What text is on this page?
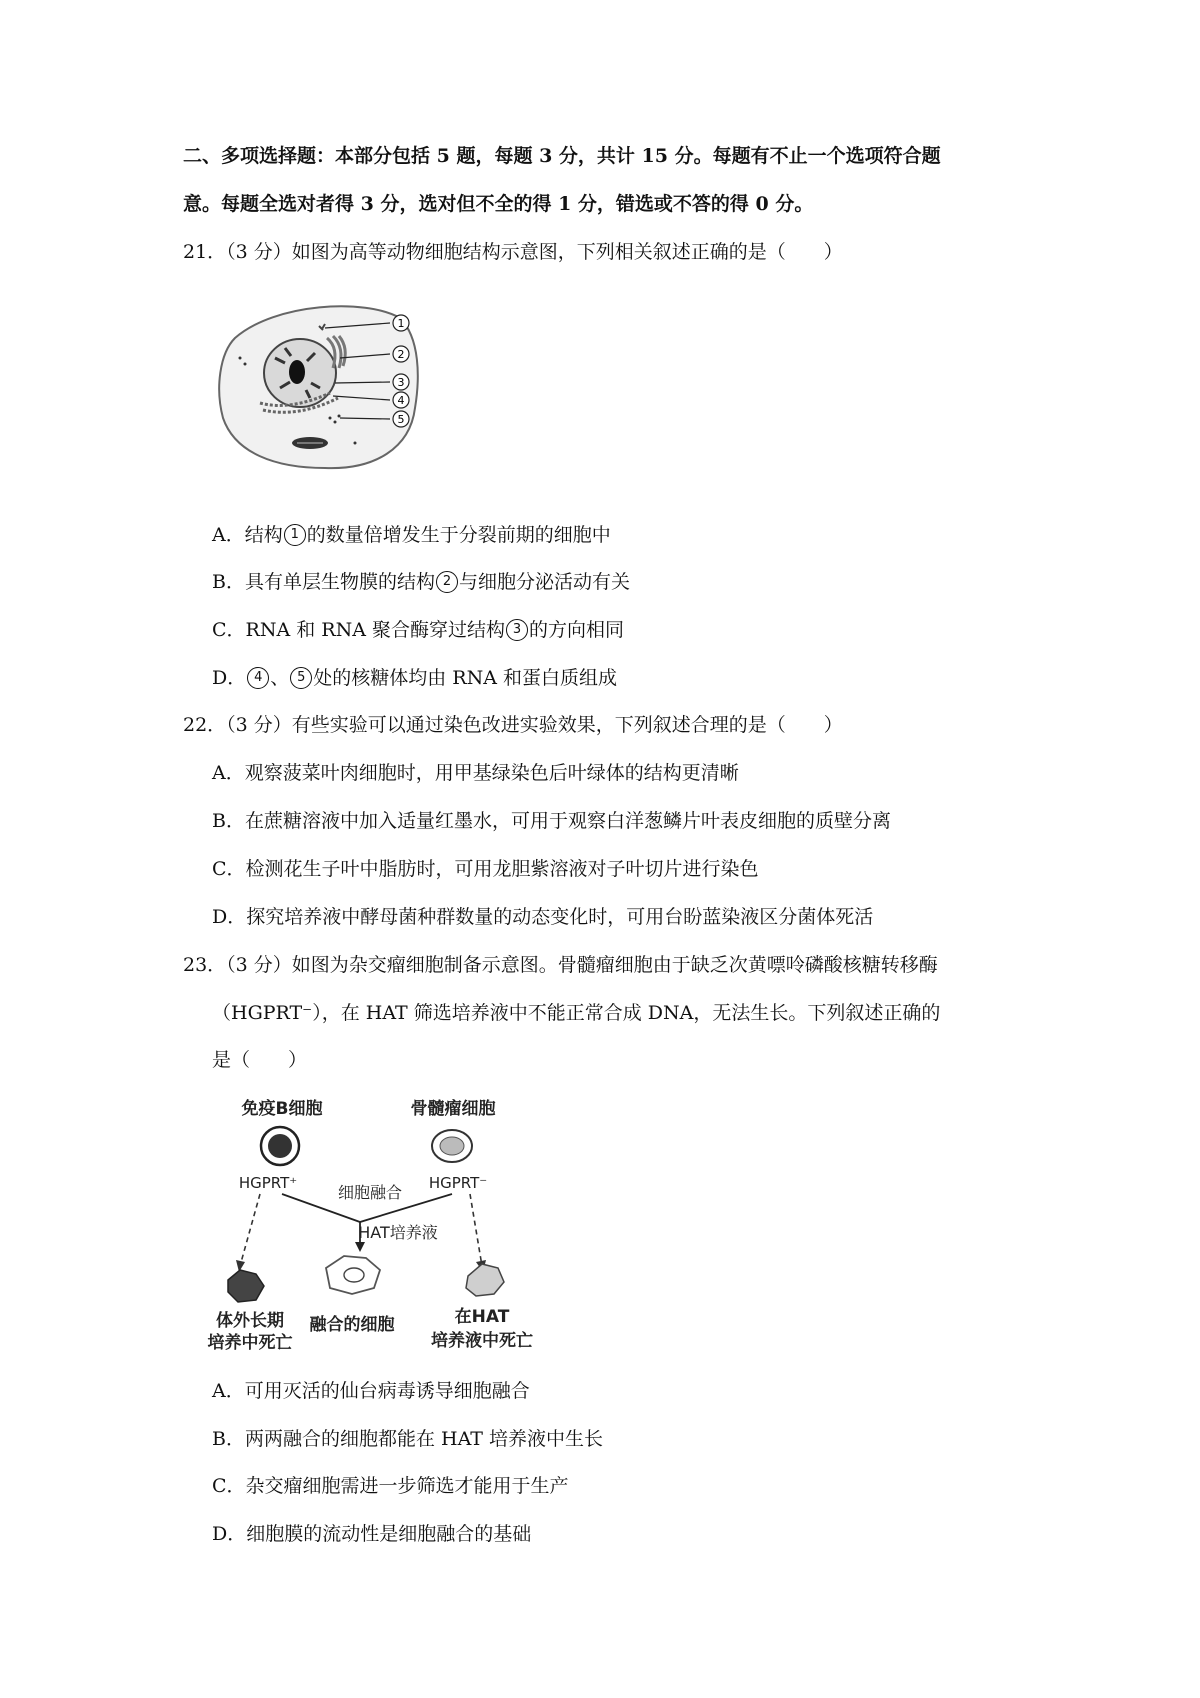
二、多项选择题：本部分包括 5 题，每题 3 分，共计 15 分。每题有不止一个选项符合题
意。每题全选对者得 3 分，选对但不全的得 1 分，错选或不答的得 0 分。
21．（3 分）如图为高等动物细胞结构示意图，下列相关叙述正确的是（　　）
1
2
3
4
5
A．结构 1 的数量倍增发生于分裂前期的细胞中
B．具有单层生物膜的结构 2 与细胞分泌活动有关
C．RNA 和 RNA 聚合酶穿过结构 3 的方向相同
D． 4 、 5 处的核糖体均由 RNA 和蛋白质组成
22．（3 分）有些实验可以通过染色改进实验效果，下列叙述合理的是（　　）
A．观察菠菜叶肉细胞时，用甲基绿染色后叶绿体的结构更清晰
B．在蔗糖溶液中加入适量红墨水，可用于观察白洋葱鳞片叶表皮细胞的质壁分离
C．检测花生子叶中脂肪时，可用龙胆紫溶液对子叶切片进行染色
D．探究培养液中酵母菌种群数量的动态变化时，可用台盼蓝染液区分菌体死活
23．（3 分）如图为杂交瘤细胞制备示意图。骨髓瘤细胞由于缺乏次黄嘌呤磷酸核糖转移酶
（HGPRT⁻），在 HAT 筛选培养液中不能正常合成 DNA，无法生长。下列叙述正确的
是（　　）
免疫B细胞	骨髓瘤细胞
HGPRT⁺	HGPRT⁻
细胞融合
HAT培养液
体外长期
培养中死亡
融合的细胞	在HAT
培养液中死亡
A．可用灭活的仙台病毒诱导细胞融合
B．两两融合的细胞都能在 HAT 培养液中生长
C．杂交瘤细胞需进一步筛选才能用于生产
D．细胞膜的流动性是细胞融合的基础
